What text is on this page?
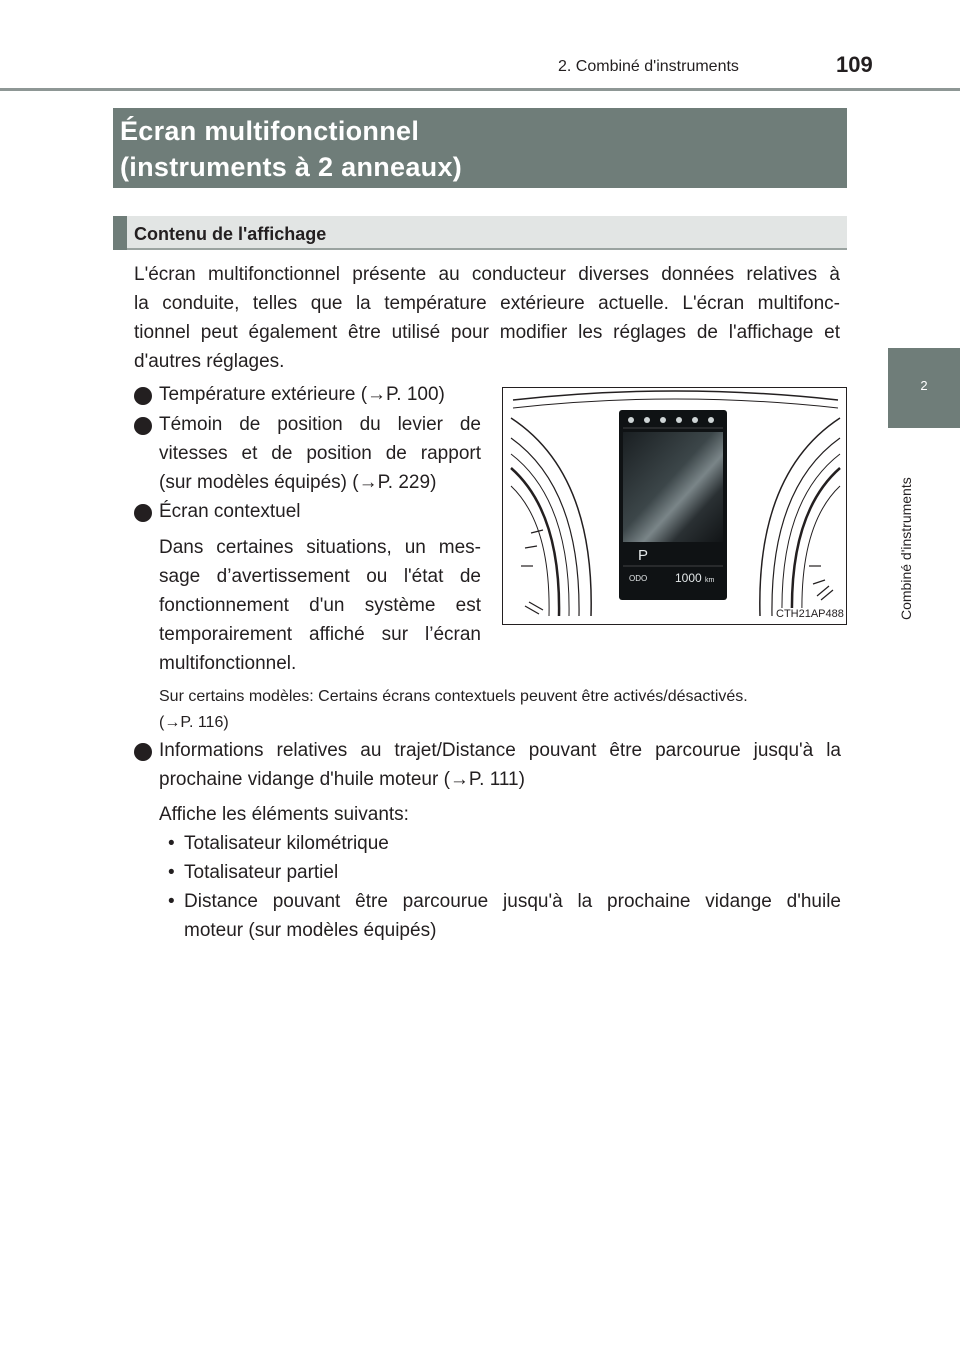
2. Combiné d'instruments	109
2
Combiné d'instruments
Écran multifonctionnel
(instruments à 2 anneaux)
Contenu de l'affichage
L'écran multifonctionnel présente au conducteur diverses données relatives à
la conduite, telles que la température extérieure actuelle. L'écran multifonc-
tionnel peut également être utilisé pour modifier les réglages de l'affichage et
d'autres réglages.
Température extérieure (→P. 100)
Témoin de position du levier de
vitesses et de position de rapport
(sur modèles équipés) (→P. 229)
Écran contextuel
Dans certaines situations, un mes-
sage d’avertissement ou l'état de
fonctionnement d'un système est
temporairement affiché sur l’écran
multifonctionnel.
Sur certains modèles: Certains écrans contextuels peuvent être activés/désactivés.
(→P. 116)
Informations relatives au trajet/Distance pouvant être parcourue jusqu'à la
prochaine vidange d'huile moteur (→P. 111)
Affiche les éléments suivants:
• Totalisateur kilométrique
• Totalisateur partiel
• Distance pouvant être parcourue jusqu'à la prochaine vidange d'huile
moteur (sur modèles équipés)
P
ODO 1000 km
CTH21AP488
